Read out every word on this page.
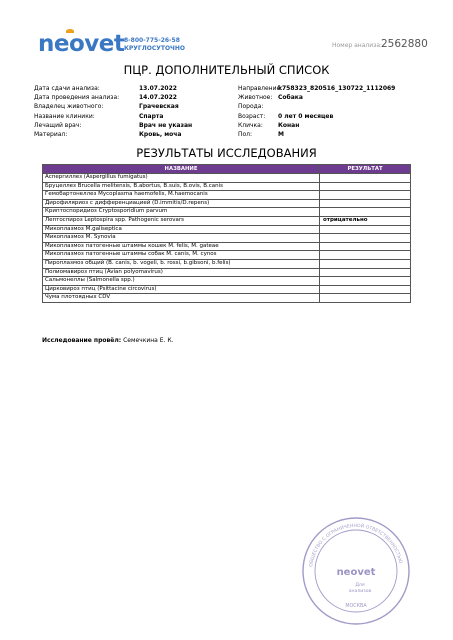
neovet 8-800-775-26-58
КРУГЛОСУТОЧНО	Номер анализа:
2562880
ПЦР. ДОПОЛНИТЕЛЬНЫЙ СПИСОК
Дата сдачи анализа:	13.07.2022
Дата проведения анализа:	14.07.2022
Владелец животного:	Грачевская
Название клиники:	Спарта
Лечащий врач:	Врач не указан
Материал:	Кровь, моча
Направление:
k758323_820516_130722_1112069
Животное: Собака
Порода:
Возраст:	0 лет 0 месяцев
Кличка:	Конан
Пол:	М
РЕЗУЛЬТАТЫ ИССЛЕДОВАНИЯ
НАЗВАНИЕ	РЕЗУЛЬТАТ
Аспергиллез (Aspergillus fumigatus)	
Бруцеллез Brucella melitensis, B.abortus, B.suis, B.ovis, B.canis	
Гемобартонеллез Mycoplasma haemofelis, M.haemocanis	
Дирофиляриоз с дифференциацией (D.immitis/D.repens)	
Криптоспоридиоз Cryptosporidium parvum	
Лептоспироз Leptospira spp. Pathogenic serovars	отрицательно
Микоплазмоз M.galiseptica	
Микоплазмоз M. Synovia	
Микоплазмоз патогенные штаммы кошек M. felis, M. gateae	
Микоплазмоз патогенные штаммы собак M. canis, M. cynos	
Пироплазмоз общий (B. canis, b. vogeli, b. rossi, b.gibsoni, b.felis)	
Полиомавироз птиц (Avian polyomavirus)	
Сальмонеллы (Salmonella spp.)	
Цирковироз птиц (Psittacine circovirus)	
Чума плотоядных CDV	
Исследование провёл: Семечкина Е. К.
ОБЩЕСТВО С ОГРАНИЧЕННОЙ ОТВЕТСТВЕННОСТЬЮ
neovet
Для
анализов
МОСКВА
